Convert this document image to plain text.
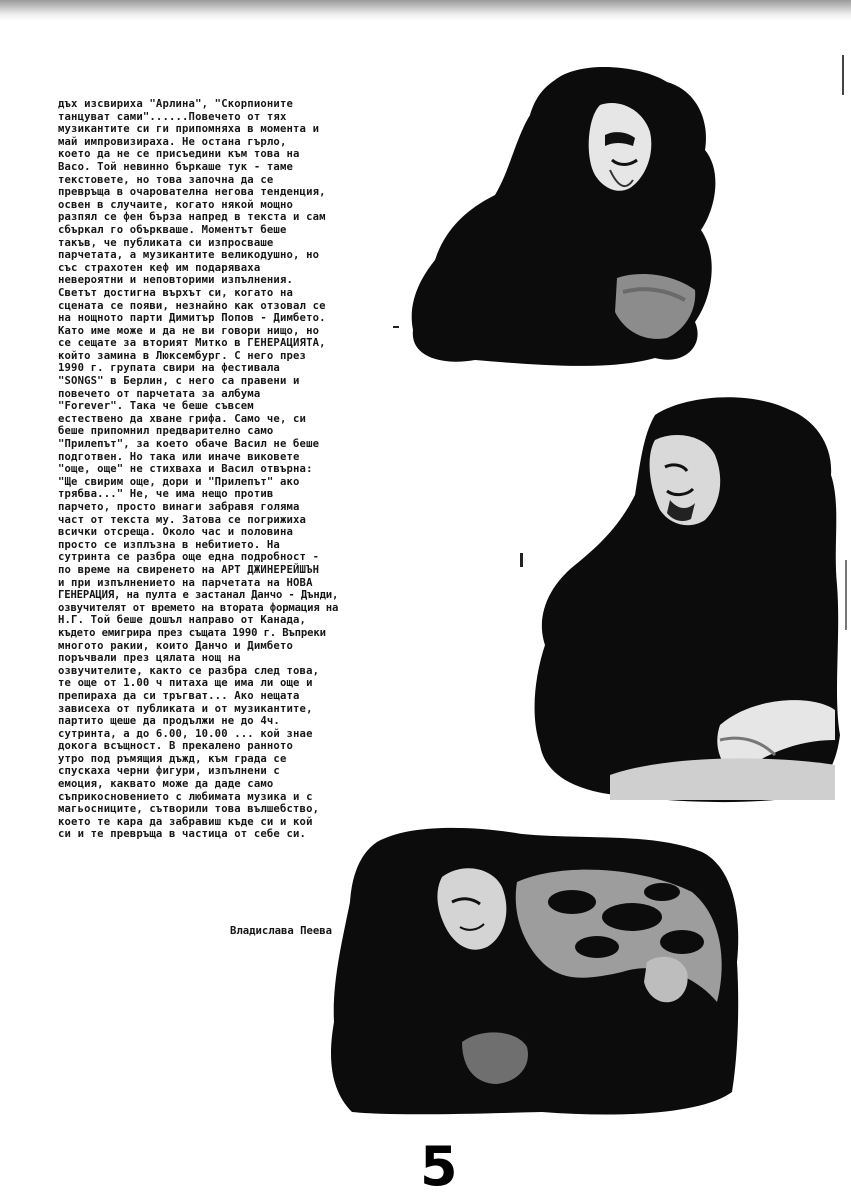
дъх изсвириха "Арлина", "Скорпионите
танцуват сами"......Повечето от тях
музикантите си ги припомняха в момента и
май импровизираха. Не остана гърло,
което да не се присъедини към това на
Васо. Той невинно бъркаше тук - таме
текстовете, но това започна да се
превръща в очарователна негова тенденция,
освен в случаите, когато някой мощно
разпял се фен бърза напред в текста и сам
сбъркал го объркваше. Моментът беше
такъв, че публиката си изпросваше
парчетата, а музикантите великодушно, но
със страхотен кеф им подаряваха
невероятни и неповторими изпълнения.
Светът достигна върхът си, когато на
сцената се появи, незнайно как отзовал се
на нощното парти Димитър Попов - Димбето.
Като име може и да не ви говори нищо, но
се сещате за вторият Митко в ГЕНЕРАЦИЯТА,
който замина в Люксембург. С него през
1990 г. групата свири на фестивала
"SONGS" в Берлин, с него са правени и
повечето от парчетата за албума
"Forever". Така че беше съвсем
естествено да хване грифа. Само че, си
беше припомнил предварително само
"Прилепът", за което обаче Васил не беше
подготвен. Но така или иначе виковете
"още, още" не стихваха и Васил отвърна:
"Ще свирим още, дори и "Прилепът" ако
трябва..." Не, че има нещо против
парчето, просто винаги забравя голяма
част от текста му. Затова се погрижиха
всички отсреща. Около час и половина
просто се изплъзна в небитието. На
сутринта се разбра още една подробност -
по време на свиренето на АРТ ДЖИНЕРЕЙШЪН
и при изпълнението на парчетата на НОВА
ГЕНЕРАЦИЯ, на пулта е застанал Данчо - Дънди,
озвучителят от времето на втората формация на
Н.Г. Той беше дошъл направо от Канада,
където емигрира през същата 1990 г. Въпреки
многото ракии, които Данчо и Димбето
поръчвали през цялата нощ на
озвучителите, както се разбра след това,
те още от 1.00 ч питаха ще има ли още и
препираха да си тръгват... Ако нещата
зависеха от публиката и от музикантите,
партито щеше да продължи не до 4ч.
сутринта, а до 6.00, 10.00 ... кой знае
докога всъщност. В прекалено ранното
утро под ръмящия дъжд, към града се
спускаха черни фигури, изпълнени с
емоция, каквато може да даде само
съприкосновението с любимата музика и с
магьосниците, сътворили това вълшебство,
което те кара да забравиш къде си и кой
си и те превръща в частица от себе си.
Владислава Пеева
5
